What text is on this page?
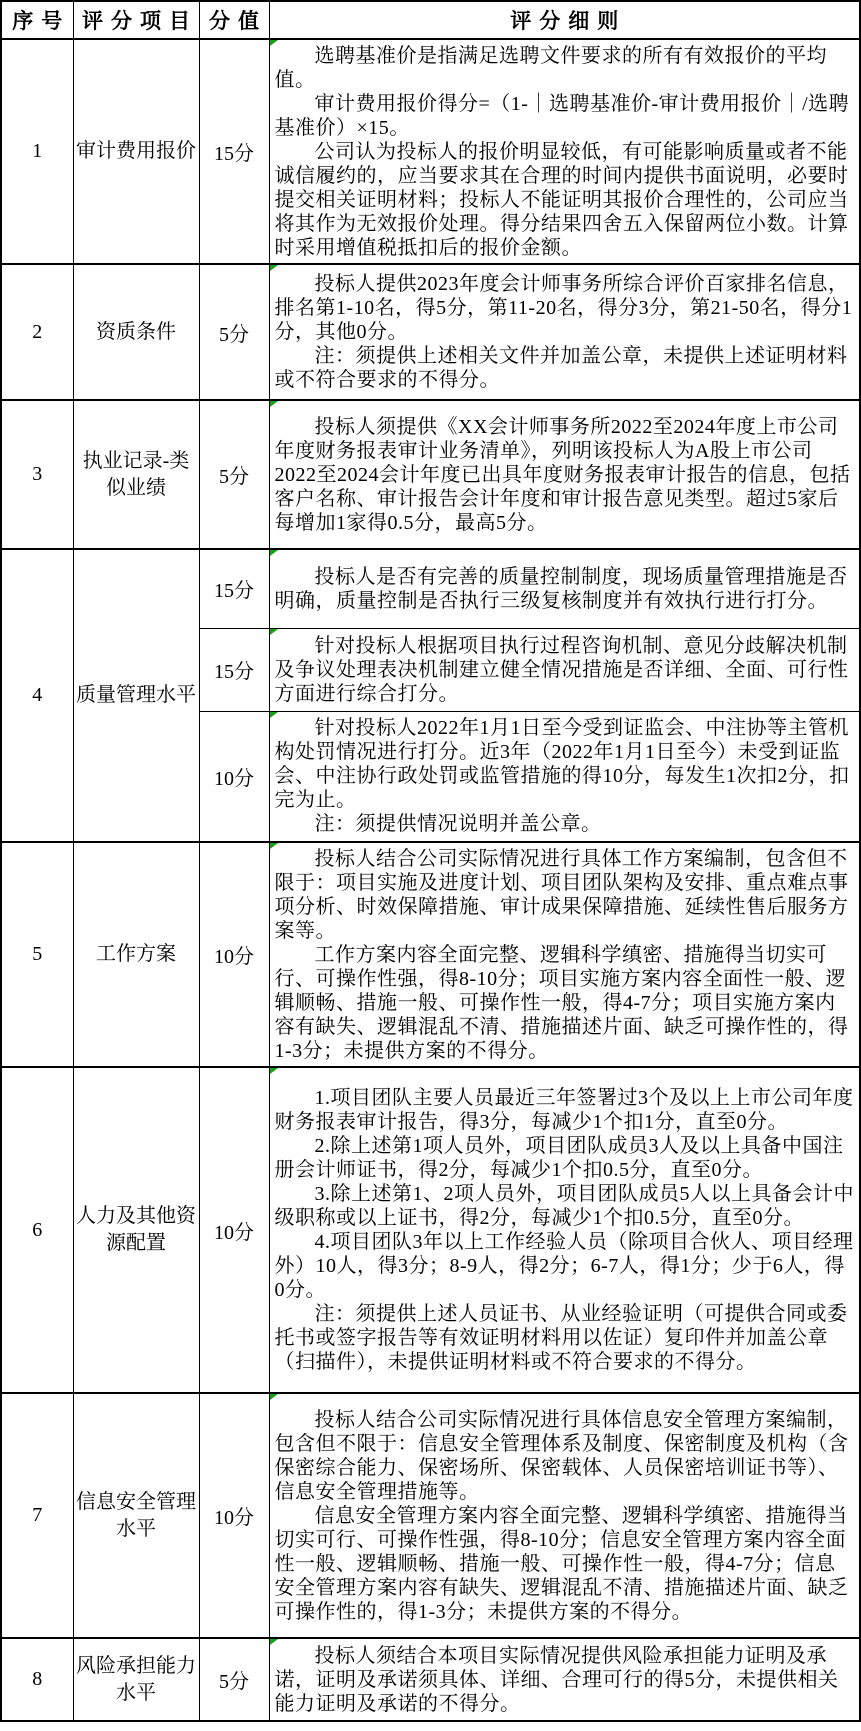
序号	评分项目	分值	评分细则
1	审计费用报价	15分	选聘基准价是指满足选聘文件要求的所有有效报价的平均值。

审计费用报价得分=（1-｜选聘基准价-审计费用报价｜/选聘基准价）×15。

公司认为投标人的报价明显较低，有可能影响质量或者不能诚信履约的，应当要求其在合理的时间内提供书面说明，必要时提交相关证明材料；投标人不能证明其报价合理性的，公司应当将其作为无效报价处理。得分结果四舍五入保留两位小数。计算时采用增值税抵扣后的报价金额。

2	资质条件	5分	投标人提供2023年度会计师事务所综合评价百家排名信息，排名第1-10名，得5分，第11-20名，得分3分，第21-50名，得分1分，其他0分。

注：须提供上述相关文件并加盖公章，未提供上述证明材料或不符合要求的不得分。

3	执业记录-类似业绩	5分	投标人须提供《XX会计师事务所2022至2024年度上市公司年度财务报表审计业务清单》，列明该投标人为A股上市公司2022至2024会计年度已出具年度财务报表审计报告的信息，包括客户名称、审计报告会计年度和审计报告意见类型。超过5家后每增加1家得0.5分，最高5分。

4	质量管理水平	15分	投标人是否有完善的质量控制制度，现场质量管理措施是否明确，质量控制是否执行三级复核制度并有效执行进行打分。

		15分	针对投标人根据项目执行过程咨询机制、意见分歧解决机制及争议处理表决机制建立健全情况措施是否详细、全面、可行性方面进行综合打分。

		10分	针对投标人2022年1月1日至今受到证监会、中注协等主管机构处罚情况进行打分。近3年（2022年1月1日至今）未受到证监会、中注协行政处罚或监管措施的得10分，每发生1次扣2分，扣完为止。

注：须提供情况说明并盖公章。

5	工作方案	10分	投标人结合公司实际情况进行具体工作方案编制，包含但不限于：项目实施及进度计划、项目团队架构及安排、重点难点事项分析、时效保障措施、审计成果保障措施、延续性售后服务方案等。

工作方案内容全面完整、逻辑科学缜密、措施得当切实可行、可操作性强，得8-10分；项目实施方案内容全面性一般、逻辑顺畅、措施一般、可操作性一般，得4-7分；项目实施方案内容有缺失、逻辑混乱不清、措施描述片面、缺乏可操作性的，得1-3分；未提供方案的不得分。

6	人力及其他资源配置	10分	1.项目团队主要人员最近三年签署过3个及以上上市公司年度财务报表审计报告，得3分，每减少1个扣1分，直至0分。

2.除上述第1项人员外，项目团队成员3人及以上具备中国注册会计师证书，得2分，每减少1个扣0.5分，直至0分。

3.除上述第1、2项人员外，项目团队成员5人以上具备会计中级职称或以上证书，得2分，每减少1个扣0.5分，直至0分。

4.项目团队3年以上工作经验人员（除项目合伙人、项目经理外）10人，得3分；8-9人，得2分；6-7人，得1分；少于6人，得0分。

注：须提供上述人员证书、从业经验证明（可提供合同或委托书或签字报告等有效证明材料用以佐证）复印件并加盖公章（扫描件），未提供证明材料或不符合要求的不得分。

7	信息安全管理水平	10分	投标人结合公司实际情况进行具体信息安全管理方案编制，包含但不限于：信息安全管理体系及制度、保密制度及机构（含保密综合能力、保密场所、保密载体、人员保密培训证书等）、信息安全管理措施等。

信息安全管理方案内容全面完整、逻辑科学缜密、措施得当切实可行、可操作性强，得8-10分；信息安全管理方案内容全面性一般、逻辑顺畅、措施一般、可操作性一般，得4-7分；信息安全管理方案内容有缺失、逻辑混乱不清、措施描述片面、缺乏可操作性的，得1-3分；未提供方案的不得分。

8	风险承担能力水平	5分	投标人须结合本项目实际情况提供风险承担能力证明及承诺，证明及承诺须具体、详细、合理可行的得5分，未提供相关能力证明及承诺的不得分。
